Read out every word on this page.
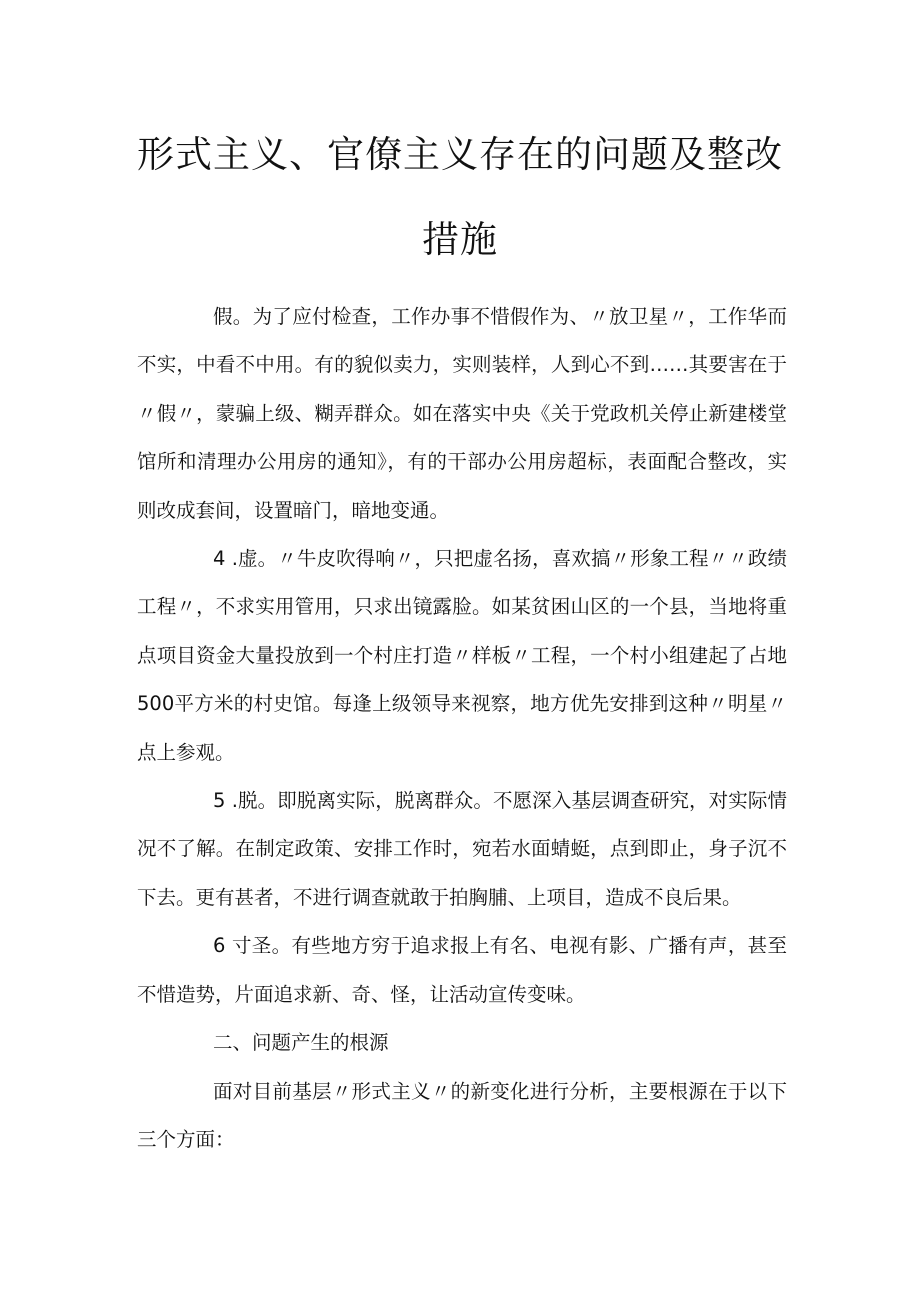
形式主义、官僚主义存在的问题及整改
措施

假。为了应付检查，工作办事不惜假作为、〃放卫星〃，工作华而不实，中看不中用。有的貌似卖力，实则装样，人到心不到……其要害在于〃假〃，蒙骗上级、糊弄群众。如在落实中央《关于党政机关停止新建楼堂馆所和清理办公用房的通知》，有的干部办公用房超标，表面配合整改，实则改成套间，设置暗门，暗地变通。

4 .虚。〃牛皮吹得响〃，只把虚名扬，喜欢搞〃形象工程〃〃政绩工程〃，不求实用管用，只求出镜露脸。如某贫困山区的一个县，当地将重点项目资金大量投放到一个村庄打造〃样板〃工程，一个村小组建起了占地500平方米的村史馆。每逢上级领导来视察，地方优先安排到这种〃明星〃点上参观。

5 .脱。即脱离实际，脱离群众。不愿深入基层调查研究，对实际情况不了解。在制定政策、安排工作时，宛若水面蜻蜓，点到即止，身子沉不下去。更有甚者，不进行调查就敢于拍胸脯、上项目，造成不良后果。

6 寸圣。有些地方穷于追求报上有名、电视有影、广播有声，甚至不惜造势，片面追求新、奇、怪，让活动宣传变味。

二、问题产生的根源

面对目前基层〃形式主义〃的新变化进行分析，主要根源在于以下三个方面：
